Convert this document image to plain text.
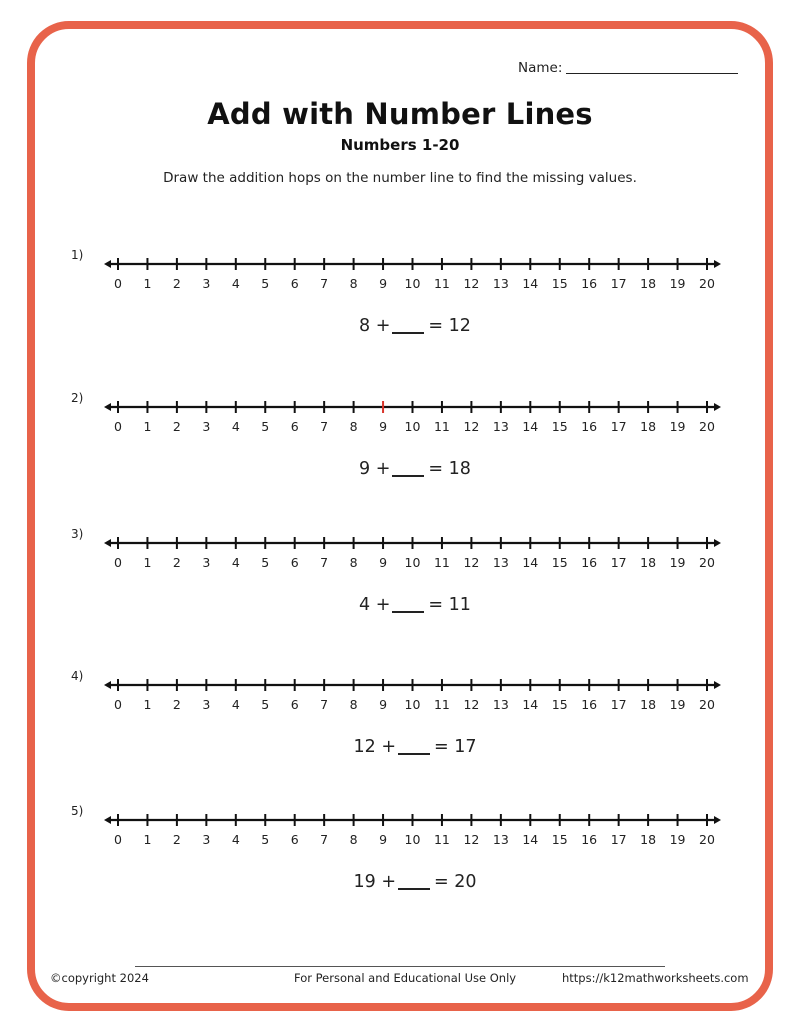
Name:
Add with Number Lines
Numbers 1-20
Draw the addition hops on the number line to find the missing values.
1)
0	1	2	3	4	5	6	7	8	9	10	11	12	13	14	15	16	17	18	19	20
8 + = 12
2)
0	1	2	3	4	5	6	7	8	9	10	11	12	13	14	15	16	17	18	19	20
9 + = 18
3)
0	1	2	3	4	5	6	7	8	9	10	11	12	13	14	15	16	17	18	19	20
4 + = 11
4)
0	1	2	3	4	5	6	7	8	9	10	11	12	13	14	15	16	17	18	19	20
12 + = 17
5)
0	1	2	3	4	5	6	7	8	9	10	11	12	13	14	15	16	17	18	19	20
19 + = 20
©copyright 2024	For Personal and Educational Use Only	https://k12mathworksheets.com
